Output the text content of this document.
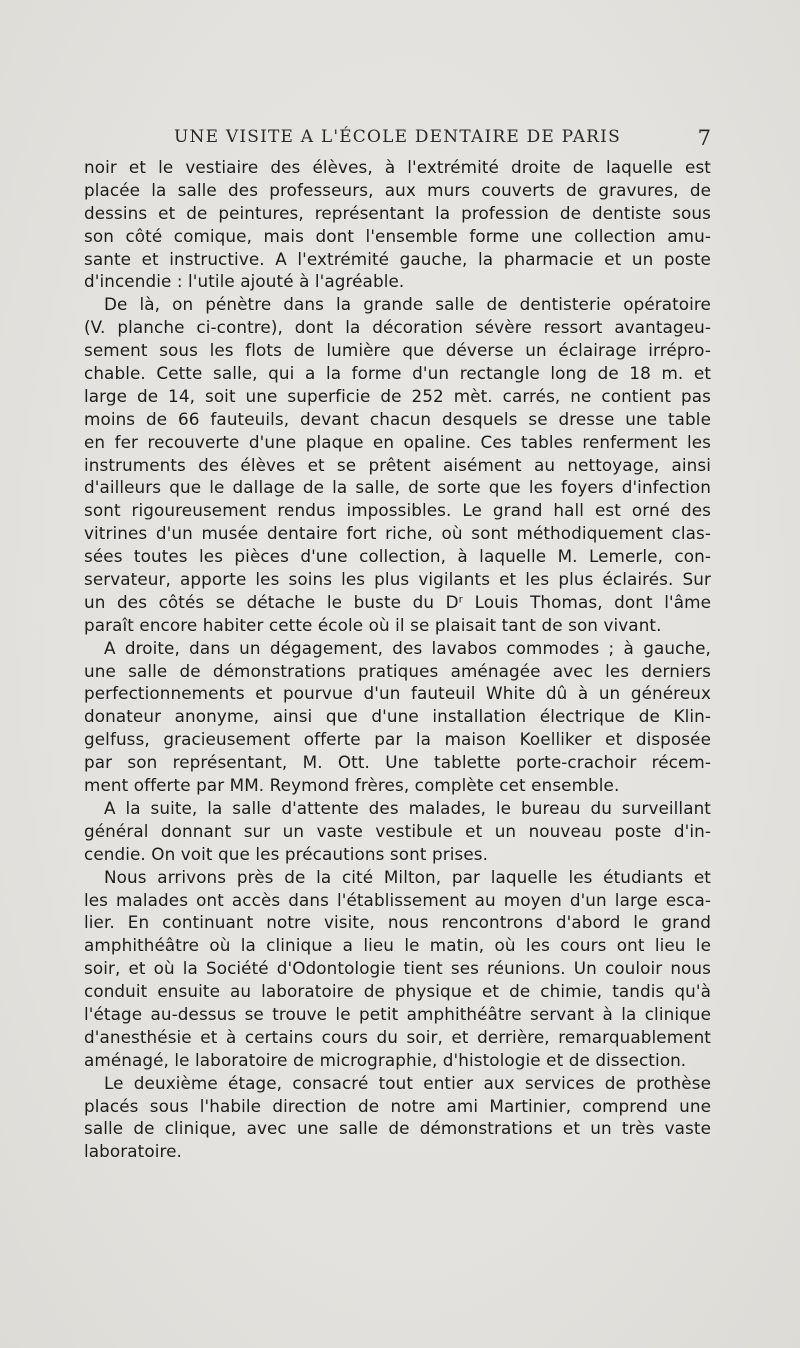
UNE VISITE A L'ÉCOLE DENTAIRE DE PARIS	7
noir et le vestiaire des élèves, à l'extrémité droite de laquelle est
placée la salle des professeurs, aux murs couverts de gravures, de
dessins et de peintures, représentant la profession de dentiste sous
son côté comique, mais dont l'ensemble forme une collection amu-
sante et instructive. A l'extrémité gauche, la pharmacie et un poste
d'incendie : l'utile ajouté à l'agréable.
De là, on pénètre dans la grande salle de dentisterie opératoire
(V. planche ci-contre), dont la décoration sévère ressort avantageu-
sement sous les flots de lumière que déverse un éclairage irrépro-
chable. Cette salle, qui a la forme d'un rectangle long de 18 m. et
large de 14, soit une superficie de 252 mèt. carrés, ne contient pas
moins de 66 fauteuils, devant chacun desquels se dresse une table
en fer recouverte d'une plaque en opaline. Ces tables renferment les
instruments des élèves et se prêtent aisément au nettoyage, ainsi
d'ailleurs que le dallage de la salle, de sorte que les foyers d'infection
sont rigoureusement rendus impossibles. Le grand hall est orné des
vitrines d'un musée dentaire fort riche, où sont méthodiquement clas-
sées toutes les pièces d'une collection, à laquelle M. Lemerle, con-
servateur, apporte les soins les plus vigilants et les plus éclairés. Sur
un des côtés se détache le buste du Dʳ Louis Thomas, dont l'âme
paraît encore habiter cette école où il se plaisait tant de son vivant.
A droite, dans un dégagement, des lavabos commodes ; à gauche,
une salle de démonstrations pratiques aménagée avec les derniers
perfectionnements et pourvue d'un fauteuil White dû à un généreux
donateur anonyme, ainsi que d'une installation électrique de Klin-
gelfuss, gracieusement offerte par la maison Koelliker et disposée
par son représentant, M. Ott. Une tablette porte-crachoir récem-
ment offerte par MM. Reymond frères, complète cet ensemble.
A la suite, la salle d'attente des malades, le bureau du surveillant
général donnant sur un vaste vestibule et un nouveau poste d'in-
cendie. On voit que les précautions sont prises.
Nous arrivons près de la cité Milton, par laquelle les étudiants et
les malades ont accès dans l'établissement au moyen d'un large esca-
lier. En continuant notre visite, nous rencontrons d'abord le grand
amphithéâtre où la clinique a lieu le matin, où les cours ont lieu le
soir, et où la Société d'Odontologie tient ses réunions. Un couloir nous
conduit ensuite au laboratoire de physique et de chimie, tandis qu'à
l'étage au-dessus se trouve le petit amphithéâtre servant à la clinique
d'anesthésie et à certains cours du soir, et derrière, remarquablement
aménagé, le laboratoire de micrographie, d'histologie et de dissection.
Le deuxième étage, consacré tout entier aux services de prothèse
placés sous l'habile direction de notre ami Martinier, comprend une
salle de clinique, avec une salle de démonstrations et un très vaste
laboratoire.
